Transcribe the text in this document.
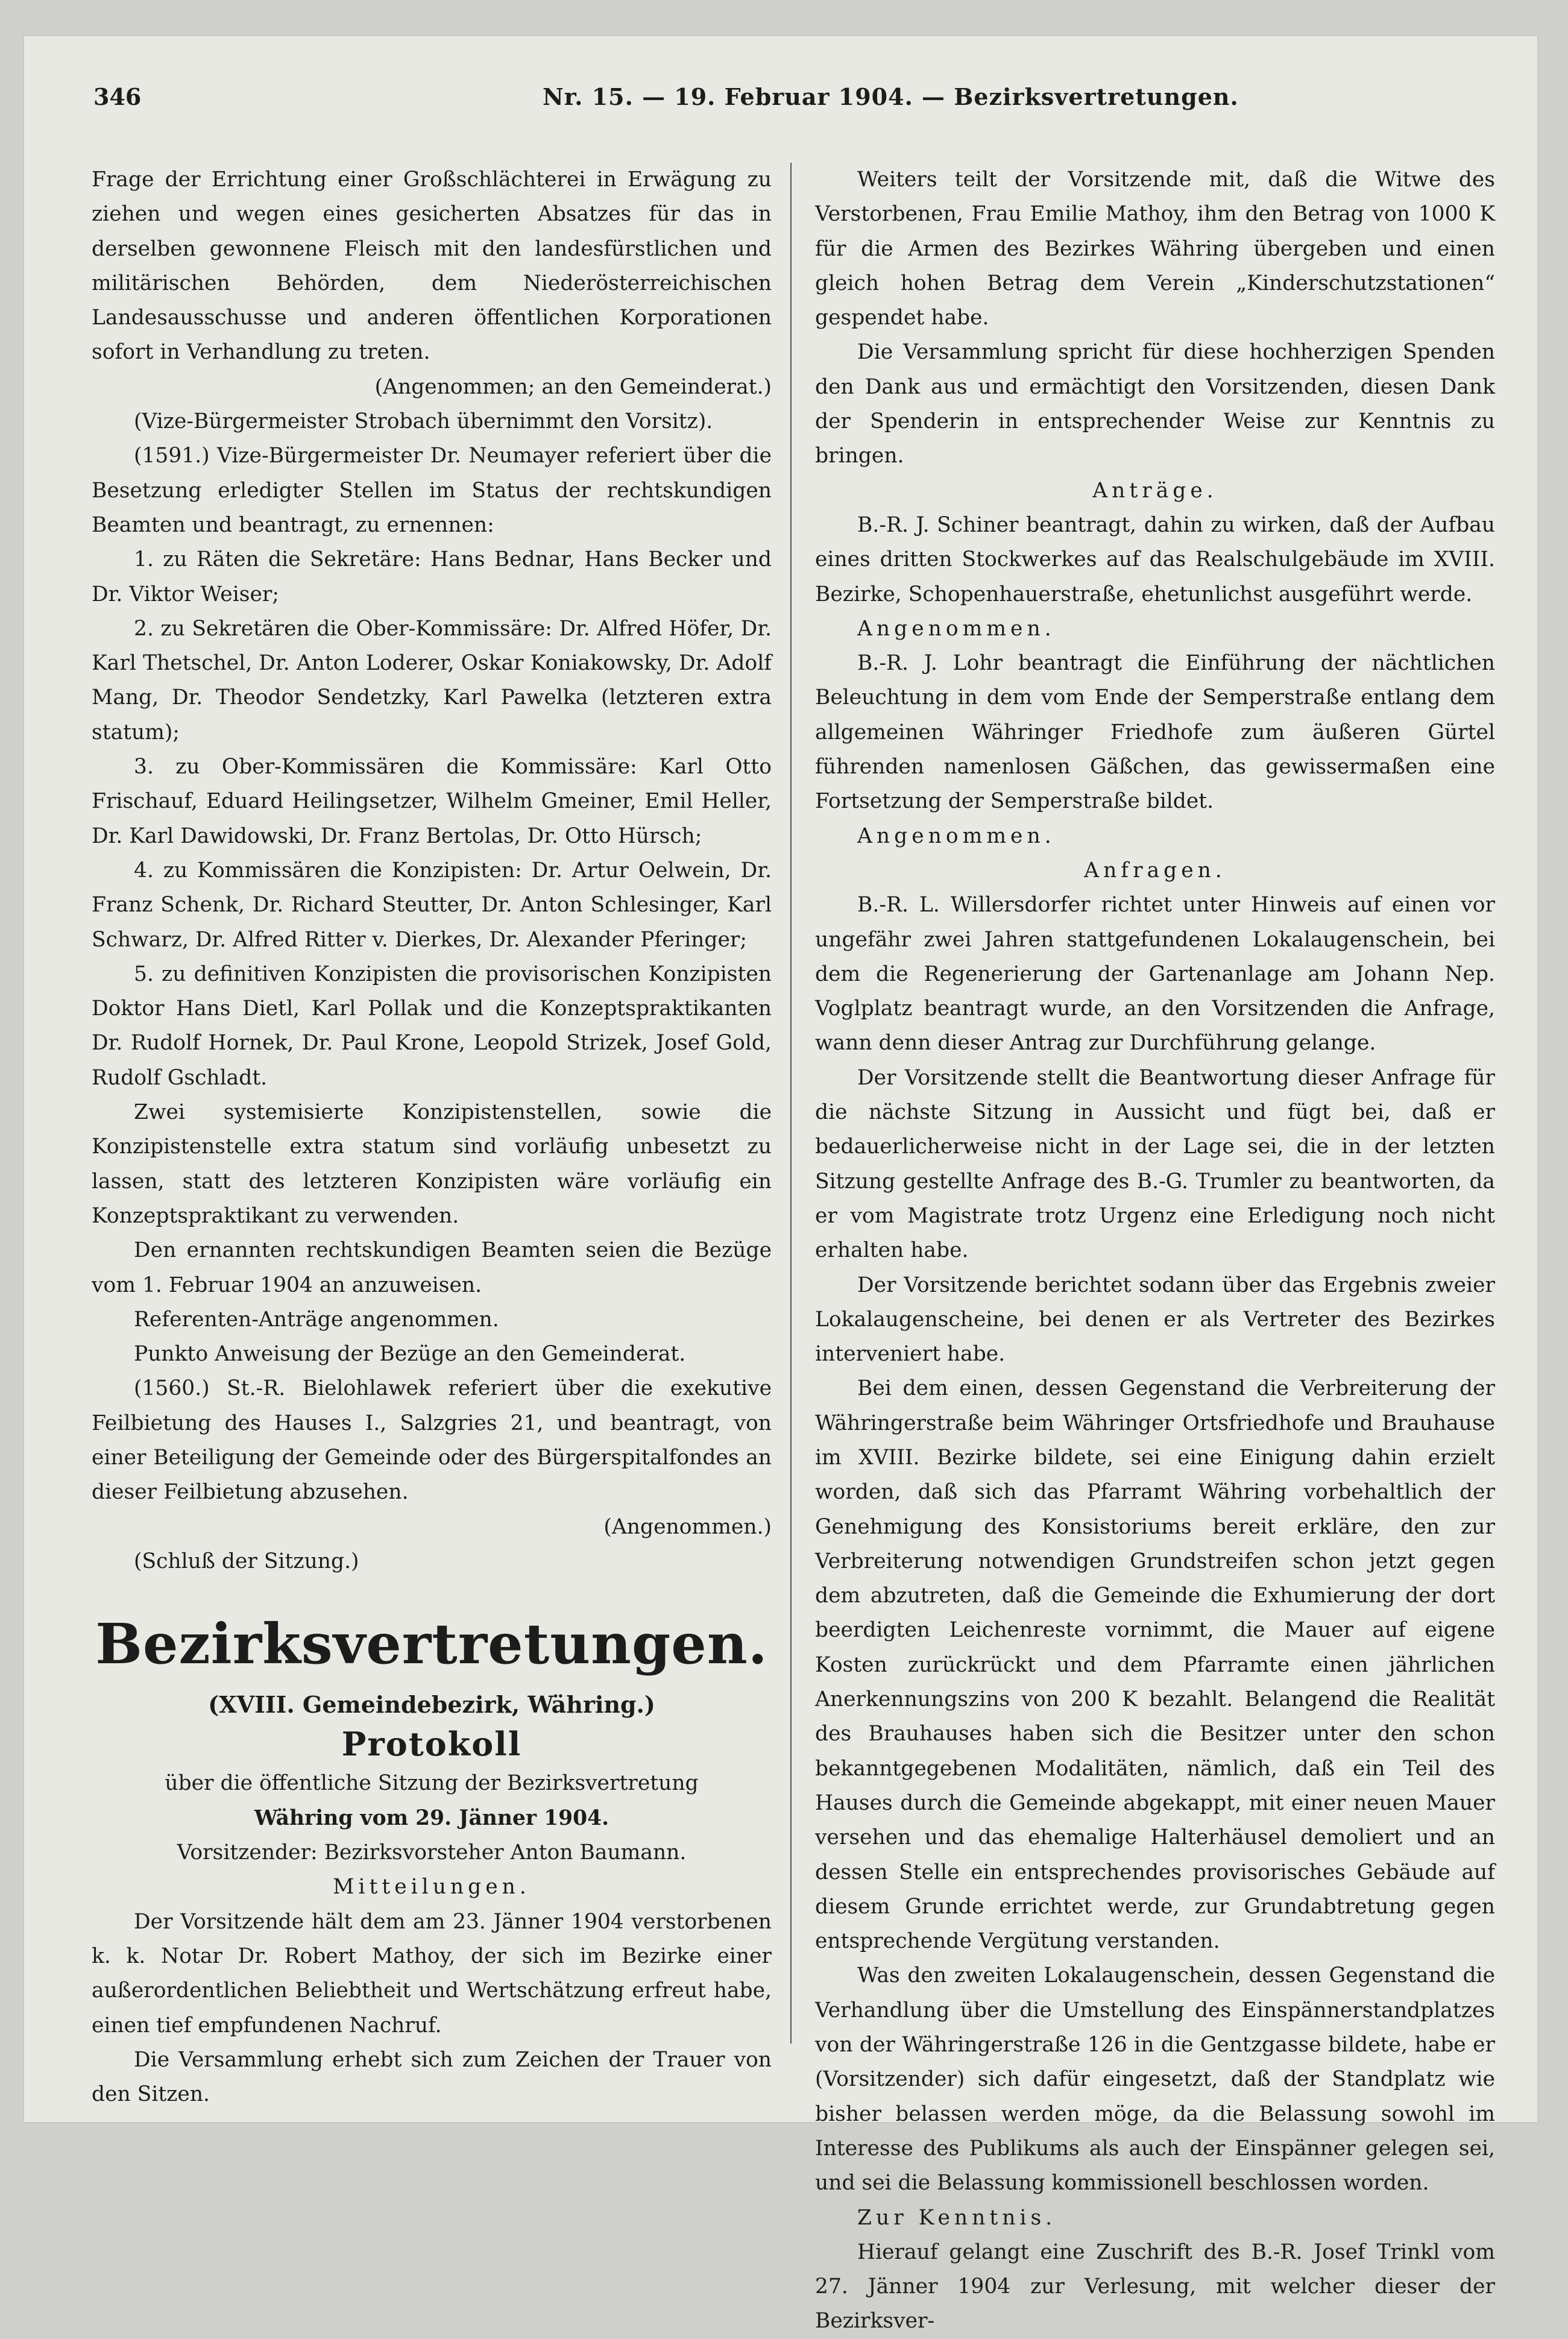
346	Nr. 15. — 19. Februar 1904. — Bezirksvertretungen.

Frage der Errichtung einer Großschlächterei in Erwägung zu ziehen und wegen eines gesicherten Absatzes für das in derselben gewonnene Fleisch mit den landesfürstlichen und militärischen Behörden, dem Niederösterreichischen Landesausschusse und anderen öffentlichen Korporationen sofort in Verhandlung zu treten.

(Angenommen; an den Gemeinderat.)

(Vize-Bürgermeister Strobach übernimmt den Vorsitz).

(1591.) Vize-Bürgermeister Dr. Neumayer referiert über die Besetzung erledigter Stellen im Status der rechtskundigen Beamten und beantragt, zu ernennen:

1. zu Räten die Sekretäre: Hans Bednar, Hans Becker und Dr. Viktor Weiser;

2. zu Sekretären die Ober-Kommissäre: Dr. Alfred Höfer, Dr. Karl Thetschel, Dr. Anton Loderer, Oskar Koniakowsky, Dr. Adolf Mang, Dr. Theodor Sendetzky, Karl Pawelka (letzteren extra statum);

3. zu Ober-Kommissären die Kommissäre: Karl Otto Frischauf, Eduard Heilingsetzer, Wilhelm Gmeiner, Emil Heller, Dr. Karl Dawidowski, Dr. Franz Bertolas, Dr. Otto Hürsch;

4. zu Kommissären die Konzipisten: Dr. Artur Oelwein, Dr. Franz Schenk, Dr. Richard Steutter, Dr. Anton Schlesinger, Karl Schwarz, Dr. Alfred Ritter v. Dierkes, Dr. Alexander Pferinger;

5. zu definitiven Konzipisten die provisorischen Konzipisten Doktor Hans Dietl, Karl Pollak und die Konzeptspraktikanten Dr. Rudolf Hornek, Dr. Paul Krone, Leopold Strizek, Josef Gold, Rudolf Gschladt.

Zwei systemisierte Konzipistenstellen, sowie die Konzipistenstelle extra statum sind vorläufig unbesetzt zu lassen, statt des letzteren Konzipisten wäre vorläufig ein Konzeptspraktikant zu verwenden.

Den ernannten rechtskundigen Beamten seien die Bezüge vom 1. Februar 1904 an anzuweisen.

Referenten-Anträge angenommen.

Punkto Anweisung der Bezüge an den Gemeinderat.

(1560.) St.-R. Bielohlawek referiert über die exekutive Feilbietung des Hauses I., Salzgries 21, und beantragt, von einer Beteiligung der Gemeinde oder des Bürgerspitalfondes an dieser Feilbietung abzusehen.

(Angenommen.)

(Schluß der Sitzung.)

Bezirksvertretungen.

(XVIII. Gemeindebezirk, Währing.)

Protokoll

über die öffentliche Sitzung der Bezirksvertretung

Währing vom 29. Jänner 1904.

Vorsitzender: Bezirksvorsteher Anton Baumann.

Mitteilungen.

Der Vorsitzende hält dem am 23. Jänner 1904 verstorbenen k. k. Notar Dr. Robert Mathoy, der sich im Bezirke einer außerordentlichen Beliebtheit und Wertschätzung erfreut habe, einen tief empfundenen Nachruf.

Die Versammlung erhebt sich zum Zeichen der Trauer von den Sitzen.

Weiters teilt der Vorsitzende mit, daß die Witwe des Verstorbenen, Frau Emilie Mathoy, ihm den Betrag von 1000 K für die Armen des Bezirkes Währing übergeben und einen gleich hohen Betrag dem Verein „Kinderschutzstationen“ gespendet habe.

Die Versammlung spricht für diese hochherzigen Spenden den Dank aus und ermächtigt den Vorsitzenden, diesen Dank der Spenderin in entsprechender Weise zur Kenntnis zu bringen.

Anträge.

B.-R. J. Schiner beantragt, dahin zu wirken, daß der Aufbau eines dritten Stockwerkes auf das Realschulgebäude im XVIII. Bezirke, Schopenhauerstraße, ehetunlichst ausgeführt werde.

Angenommen.

B.-R. J. Lohr beantragt die Einführung der nächtlichen Beleuchtung in dem vom Ende der Semperstraße entlang dem allgemeinen Währinger Friedhofe zum äußeren Gürtel führenden namenlosen Gäßchen, das gewissermaßen eine Fortsetzung der Semperstraße bildet.

Angenommen.

Anfragen.

B.-R. L. Willersdorfer richtet unter Hinweis auf einen vor ungefähr zwei Jahren stattgefundenen Lokalaugenschein, bei dem die Regenerierung der Gartenanlage am Johann Nep. Voglplatz beantragt wurde, an den Vorsitzenden die Anfrage, wann denn dieser Antrag zur Durchführung gelange.

Der Vorsitzende stellt die Beantwortung dieser Anfrage für die nächste Sitzung in Aussicht und fügt bei, daß er bedauerlicherweise nicht in der Lage sei, die in der letzten Sitzung gestellte Anfrage des B.-G. Trumler zu beantworten, da er vom Magistrate trotz Urgenz eine Erledigung noch nicht erhalten habe.

Der Vorsitzende berichtet sodann über das Ergebnis zweier Lokalaugenscheine, bei denen er als Vertreter des Bezirkes interveniert habe.

Bei dem einen, dessen Gegenstand die Verbreiterung der Währingerstraße beim Währinger Ortsfriedhofe und Brauhause im XVIII. Bezirke bildete, sei eine Einigung dahin erzielt worden, daß sich das Pfarramt Währing vorbehaltlich der Genehmigung des Konsistoriums bereit erkläre, den zur Verbreiterung notwendigen Grundstreifen schon jetzt gegen dem abzutreten, daß die Gemeinde die Exhumierung der dort beerdigten Leichenreste vornimmt, die Mauer auf eigene Kosten zurückrückt und dem Pfarramte einen jährlichen Anerkennungszins von 200 K bezahlt. Belangend die Realität des Brauhauses haben sich die Besitzer unter den schon bekanntgegebenen Modalitäten, nämlich, daß ein Teil des Hauses durch die Gemeinde abgekappt, mit einer neuen Mauer versehen und das ehemalige Halterhäusel demoliert und an dessen Stelle ein entsprechendes provisorisches Gebäude auf diesem Grunde errichtet werde, zur Grundabtretung gegen entsprechende Vergütung verstanden.

Was den zweiten Lokalaugenschein, dessen Gegenstand die Verhandlung über die Umstellung des Einspännerstandplatzes von der Währingerstraße 126 in die Gentzgasse bildete, habe er (Vorsitzender) sich dafür eingesetzt, daß der Standplatz wie bisher belassen werden möge, da die Belassung sowohl im Interesse des Publikums als auch der Einspänner gelegen sei, und sei die Belassung kommissionell beschlossen worden.

Zur Kenntnis.

Hierauf gelangt eine Zuschrift des B.-R. Josef Trinkl vom 27. Jänner 1904 zur Verlesung, mit welcher dieser der Bezirksver-
